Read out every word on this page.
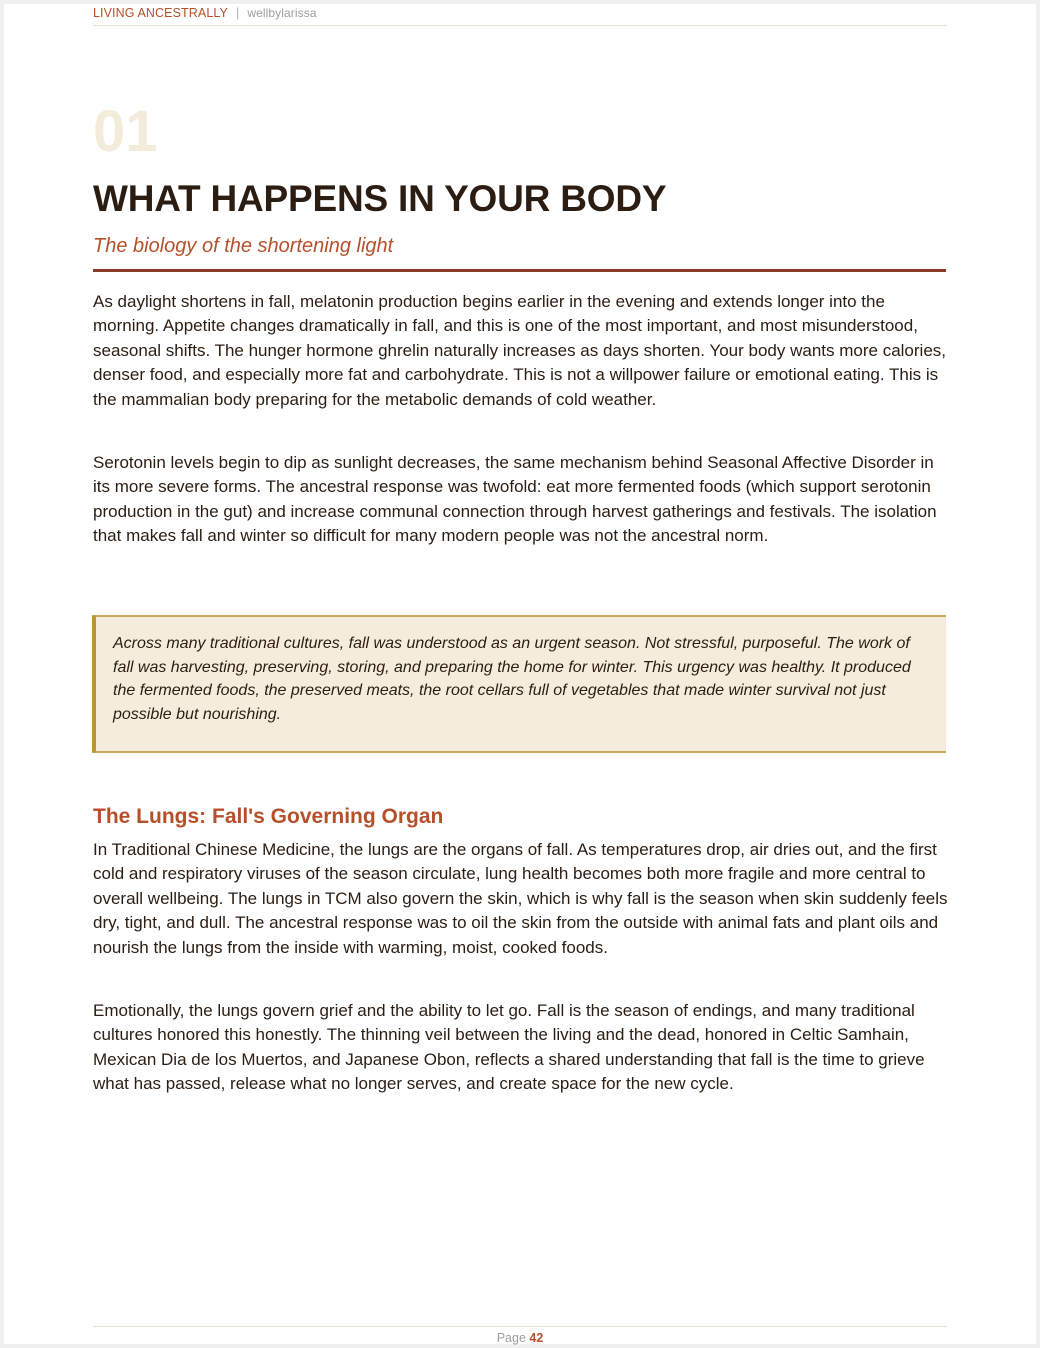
LIVING ANCESTRALLY | wellbylarissa
01
WHAT HAPPENS IN YOUR BODY
The biology of the shortening light

As daylight shortens in fall, melatonin production begins earlier in the evening and extends longer into the morning. Appetite changes dramatically in fall, and this is one of the most important, and most misunderstood, seasonal shifts. The hunger hormone ghrelin naturally increases as days shorten. Your body wants more calories, denser food, and especially more fat and carbohydrate. This is not a willpower failure or emotional eating. This is the mammalian body preparing for the metabolic demands of cold weather.

Serotonin levels begin to dip as sunlight decreases, the same mechanism behind Seasonal Affective Disorder in its more severe forms. The ancestral response was twofold: eat more fermented foods (which support serotonin production in the gut) and increase communal connection through harvest gatherings and festivals. The isolation that makes fall and winter so difficult for many modern people was not the ancestral norm.

Across many traditional cultures, fall was understood as an urgent season. Not stressful, purposeful. The work of fall was harvesting, preserving, storing, and preparing the home for winter. This urgency was healthy. It produced the fermented foods, the preserved meats, the root cellars full of vegetables that made winter survival not just possible but nourishing.

The Lungs: Fall's Governing Organ

In Traditional Chinese Medicine, the lungs are the organs of fall. As temperatures drop, air dries out, and the first cold and respiratory viruses of the season circulate, lung health becomes both more fragile and more central to overall wellbeing. The lungs in TCM also govern the skin, which is why fall is the season when skin suddenly feels dry, tight, and dull. The ancestral response was to oil the skin from the outside with animal fats and plant oils and nourish the lungs from the inside with warming, moist, cooked foods.

Emotionally, the lungs govern grief and the ability to let go. Fall is the season of endings, and many traditional cultures honored this honestly. The thinning veil between the living and the dead, honored in Celtic Samhain, Mexican Dia de los Muertos, and Japanese Obon, reflects a shared understanding that fall is the time to grieve what has passed, release what no longer serves, and create space for the new cycle.

Page 42
